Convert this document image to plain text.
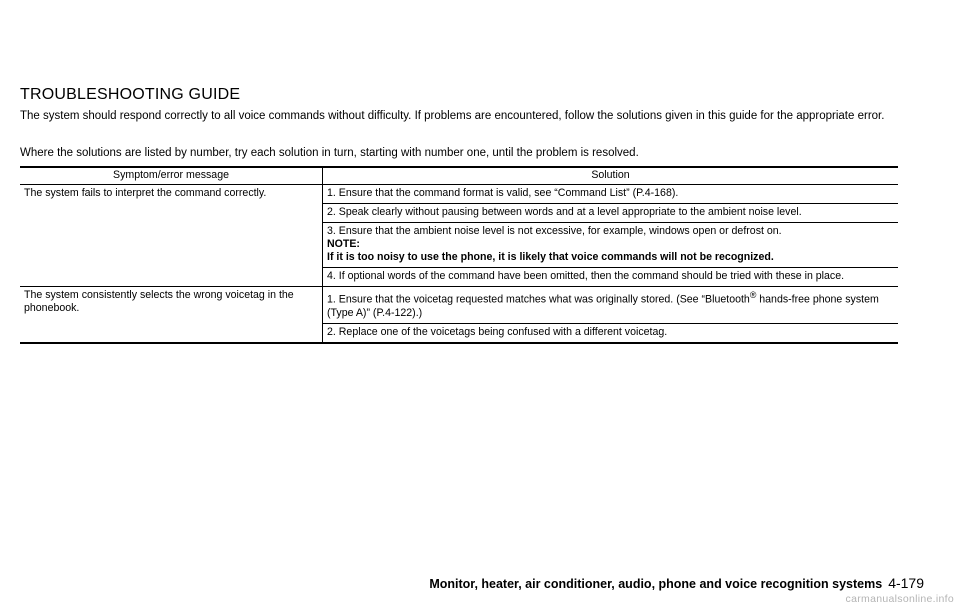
TROUBLESHOOTING GUIDE

The system should respond correctly to all voice commands without difficulty. If problems are encountered, follow the solutions given in this guide for the appropriate error.

Where the solutions are listed by number, try each solution in turn, starting with number one, until the problem is resolved.

Symptom/error message	Solution
The system fails to interpret the command correctly.	1. Ensure that the command format is valid, see “Command List” (P.4-168).
	2. Speak clearly without pausing between words and at a level appropriate to the ambient noise level.
	3. Ensure that the ambient noise level is not excessive, for example, windows open or defrost on.
NOTE:
If it is too noisy to use the phone, it is likely that voice commands will not be recognized.

	4. If optional words of the command have been omitted, then the command should be tried with these in place.
The system consistently selects the wrong voicetag in the phonebook.	1. Ensure that the voicetag requested matches what was originally stored. (See “Bluetooth® hands-free phone system (Type A)” (P.4-122).)
	2. Replace one of the voicetags being confused with a different voicetag.
Monitor, heater, air conditioner, audio, phone and voice recognition systems 4-179
carmanualsonline.info
